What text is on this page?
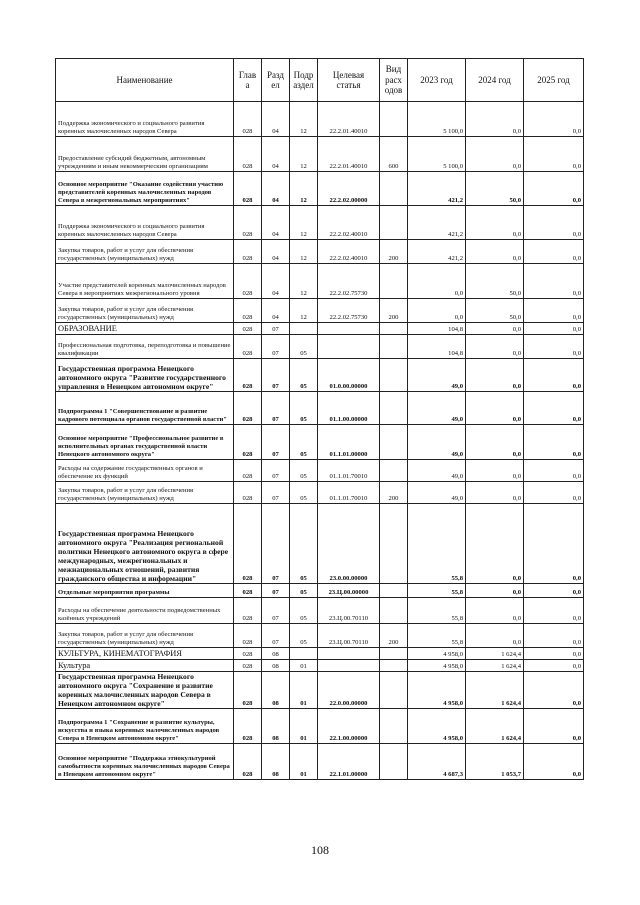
Наименование	Глав а	Разд ел	Подр аздел	Целевая статья	Вид расх одов	2023 год	2024 год	2025 год
Поддержка экономического и социального развития коренных малочисленных народов Севера	028	04	12	22.2.01.40010		5 100,0	0,0	0,0
Предоставление субсидий бюджетным, автономным учреждениям и иным некоммерческим организациям	028	04	12	22.2.01.40010	600	5 100,0	0,0	0,0
Основное мероприятие "Оказание содействия участию представителей коренных малочисленных народов Севера в межрегиональных мероприятиях"	028	04	12	22.2.02.00000		421,2	50,0	0,0
Поддержка экономического и социального развития коренных малочисленных народов Севера	028	04	12	22.2.02.40010		421,2	0,0	0,0
Закупка товаров, работ и услуг для обеспечения государственных (муниципальных) нужд	028	04	12	22.2.02.40010	200	421,2	0,0	0,0
Участие представителей коренных малочисленных народов Севера в мероприятиях межрегионального уровня	028	04	12	22.2.02.75730		0,0	50,0	0,0
Закупка товаров, работ и услуг для обеспечения государственных (муниципальных) нужд	028	04	12	22.2.02.75730	200	0,0	50,0	0,0
ОБРАЗОВАНИЕ	028	07				104,8	0,0	0,0
Профессиональная подготовка, переподготовка и повышение квалификации	028	07	05			104,8	0,0	0,0
Государственная программа Ненецкого автономного округа "Развитие государственного управления в Ненецком автономном округе"	028	07	05	01.0.00.00000		49,0	0,0	0,0
Подпрограмма 1 "Совершенствование и развитие кадрового потенциала органов государственной власти"	028	07	05	01.1.00.00000		49,0	0,0	0,0
Основное мероприятие "Профессиональное развитие в исполнительных органах государственной власти Ненецкого автономного округа"	028	07	05	01.1.01.00000		49,0	0,0	0,0
Расходы на содержание государственных органов и обеспечение их функций	028	07	05	01.1.01.70010		49,0	0,0	0,0
Закупка товаров, работ и услуг для обеспечения государственных (муниципальных) нужд	028	07	05	01.1.01.70010	200	49,0	0,0	0,0
Государственная программа Ненецкого автономного округа "Реализация региональной политики Ненецкого автономного округа в сфере международных, межрегиональных и межнациональных отношений, развития гражданского общества и информации"	028	07	05	23.0.00.00000		55,8	0,0	0,0
Отдельные мероприятия программы	028	07	05	23.Ц.00.00000		55,8	0,0	0,0
Расходы на обеспечение деятельности подведомственных казённых учреждений	028	07	05	23.Ц.00.70110		55,8	0,0	0,0
Закупка товаров, работ и услуг для обеспечения государственных (муниципальных) нужд	028	07	05	23.Ц.00.70110	200	55,8	0,0	0,0
КУЛЬТУРА, КИНЕМАТОГРАФИЯ	028	08				4 958,0	1 624,4	0,0
Культура	028	08	01			4 958,0	1 624,4	0,0
Государственная программа Ненецкого автономного округа "Сохранение и развитие коренных малочисленных народов Севера в Ненецком автономном округе"	028	08	01	22.0.00.00000		4 958,0	1 624,4	0,0
Подпрограмма 1 "Сохранение и развитие культуры, искусства и языка коренных малочисленных народов Севера в Ненецком автономном округе"	028	08	01	22.1.00.00000		4 958,0	1 624,4	0,0
Основное мероприятие "Поддержка этнокультурной самобытности коренных малочисленных народов Севера в Ненецком автономном округе"	028	08	01	22.1.01.00000		4 687,3	1 053,7	0,0
108
